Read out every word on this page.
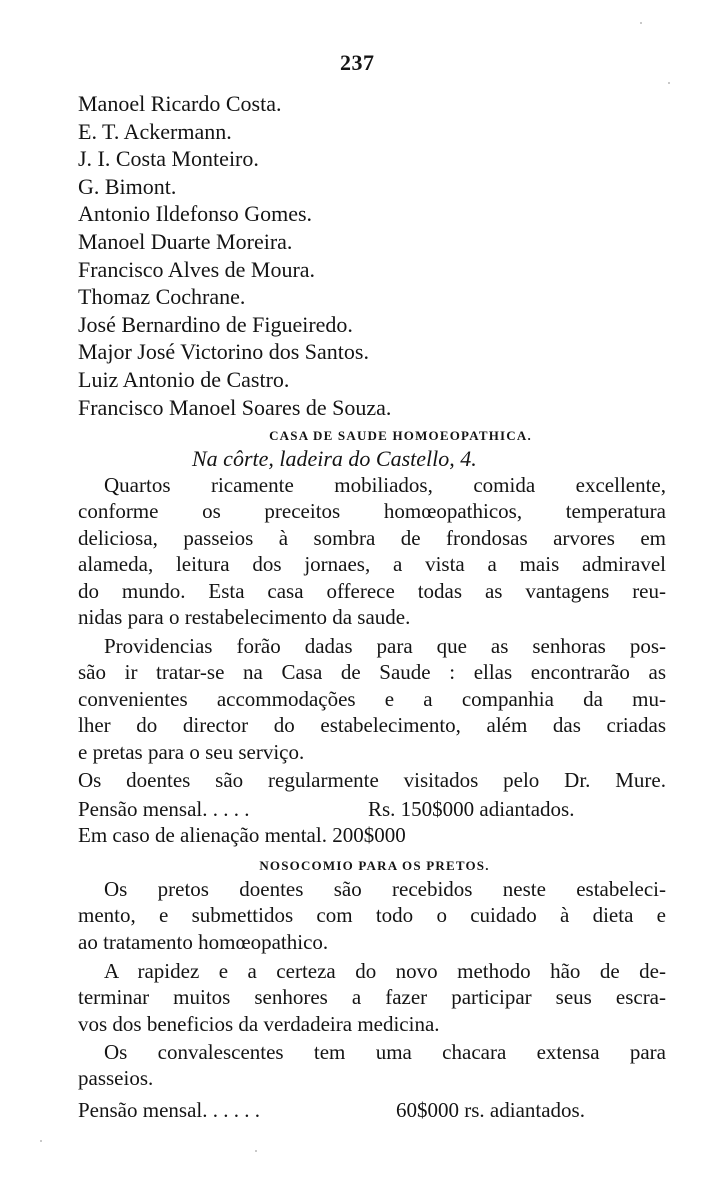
237
Manoel Ricardo Costa.
E. T. Ackermann.
J. I. Costa Monteiro.
G. Bimont.
Antonio Ildefonso Gomes.
Manoel Duarte Moreira.
Francisco Alves de Moura.
Thomaz Cochrane.
José Bernardino de Figueiredo.
Major José Victorino dos Santos.
Luiz Antonio de Castro.
Francisco Manoel Soares de Souza.
CASA DE SAUDE HOMOEOPATHICA.
Na côrte, ladeira do Castello, 4.
Quartos ricamente mobiliados, comida excellente,
conforme os preceitos homœopathicos, temperatura
deliciosa, passeios à sombra de frondosas arvores em
alameda, leitura dos jornaes, a vista a mais admiravel
do mundo. Esta casa offerece todas as vantagens reu-
nidas para o restabelecimento da saude.
Providencias forão dadas para que as senhoras pos-
são ir tratar-se na Casa de Saude : ellas encontrarão as
convenientes accommodações e a companhia da mu-
lher do director do estabelecimento, além das criadas
e pretas para o seu serviço.
Os doentes são regularmente visitados pelo Dr. Mure.
Pensão mensal. . . . .	Rs. 150$000 adiantados.
Em caso de alienação mental. 200$000
NOSOCOMIO PARA OS PRETOS.
Os pretos doentes são recebidos neste estabeleci-
mento, e submettidos com todo o cuidado à dieta e
ao tratamento homœopathico.
A rapidez e a certeza do novo methodo hão de de-
terminar muitos senhores a fazer participar seus escra-
vos dos beneficios da verdadeira medicina.
Os convalescentes tem uma chacara extensa para
passeios.
Pensão mensal. . . . . .	60$000 rs. adiantados.
